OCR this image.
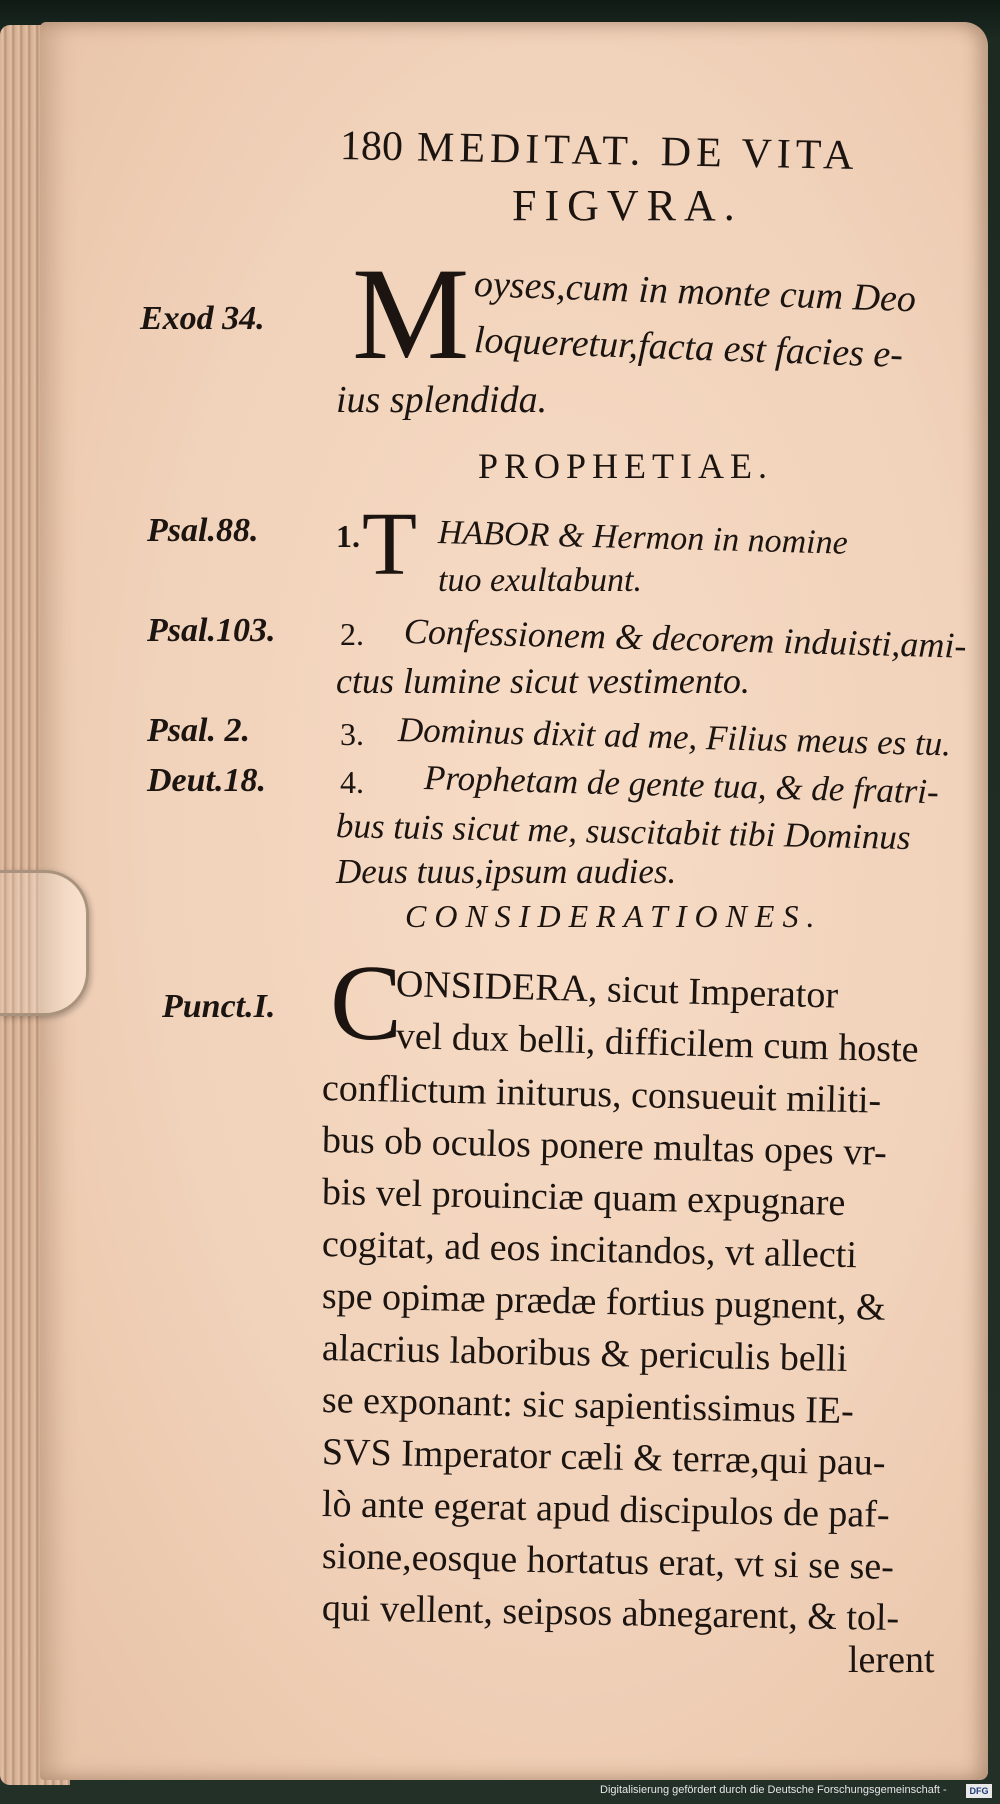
180 MEDITAT. DE VITA
FIGVRA.
Exod 34. M oyses,cum in monte cum Deo
loqueretur,facta est facies e-
ius splendida.
PROPHETIAE.
Psal.88. 1. T HABOR & Hermon in nomine
tuo exultabunt.
Psal.103. 2. Confessionem & decorem induisti,ami-
ctus lumine sicut vestimento.
Psal. 2.	3. Dominus dixit ad me, Filius meus es tu.
Deut.18. 4. Prophetam de gente tua, & de fratri-
bus tuis sicut me, suscitabit tibi Dominus
Deus tuus,ipsum audies.
CONSIDERATIONES.
Punct.I. C
ONSIDERA, sicut Imperator
vel dux belli, difficilem cum hoste
conflictum initurus, consueuit militi-
bus ob oculos ponere multas opes vr-
bis vel prouinciæ quam expugnare
cogitat, ad eos incitandos, vt allecti
spe opimæ prædæ fortius pugnent, &
alacrius laboribus & periculis belli
se exponant: sic sapientissimus IE-
SVS Imperator cæli & terræ,qui pau-
lò ante egerat apud discipulos de paf-
sione,eosque hortatus erat, vt si se se-
qui vellent, seipsos abnegarent, & tol-
lerent
Digitalisierung gefördert durch die Deutsche Forschungsgemeinschaft -	DFG
